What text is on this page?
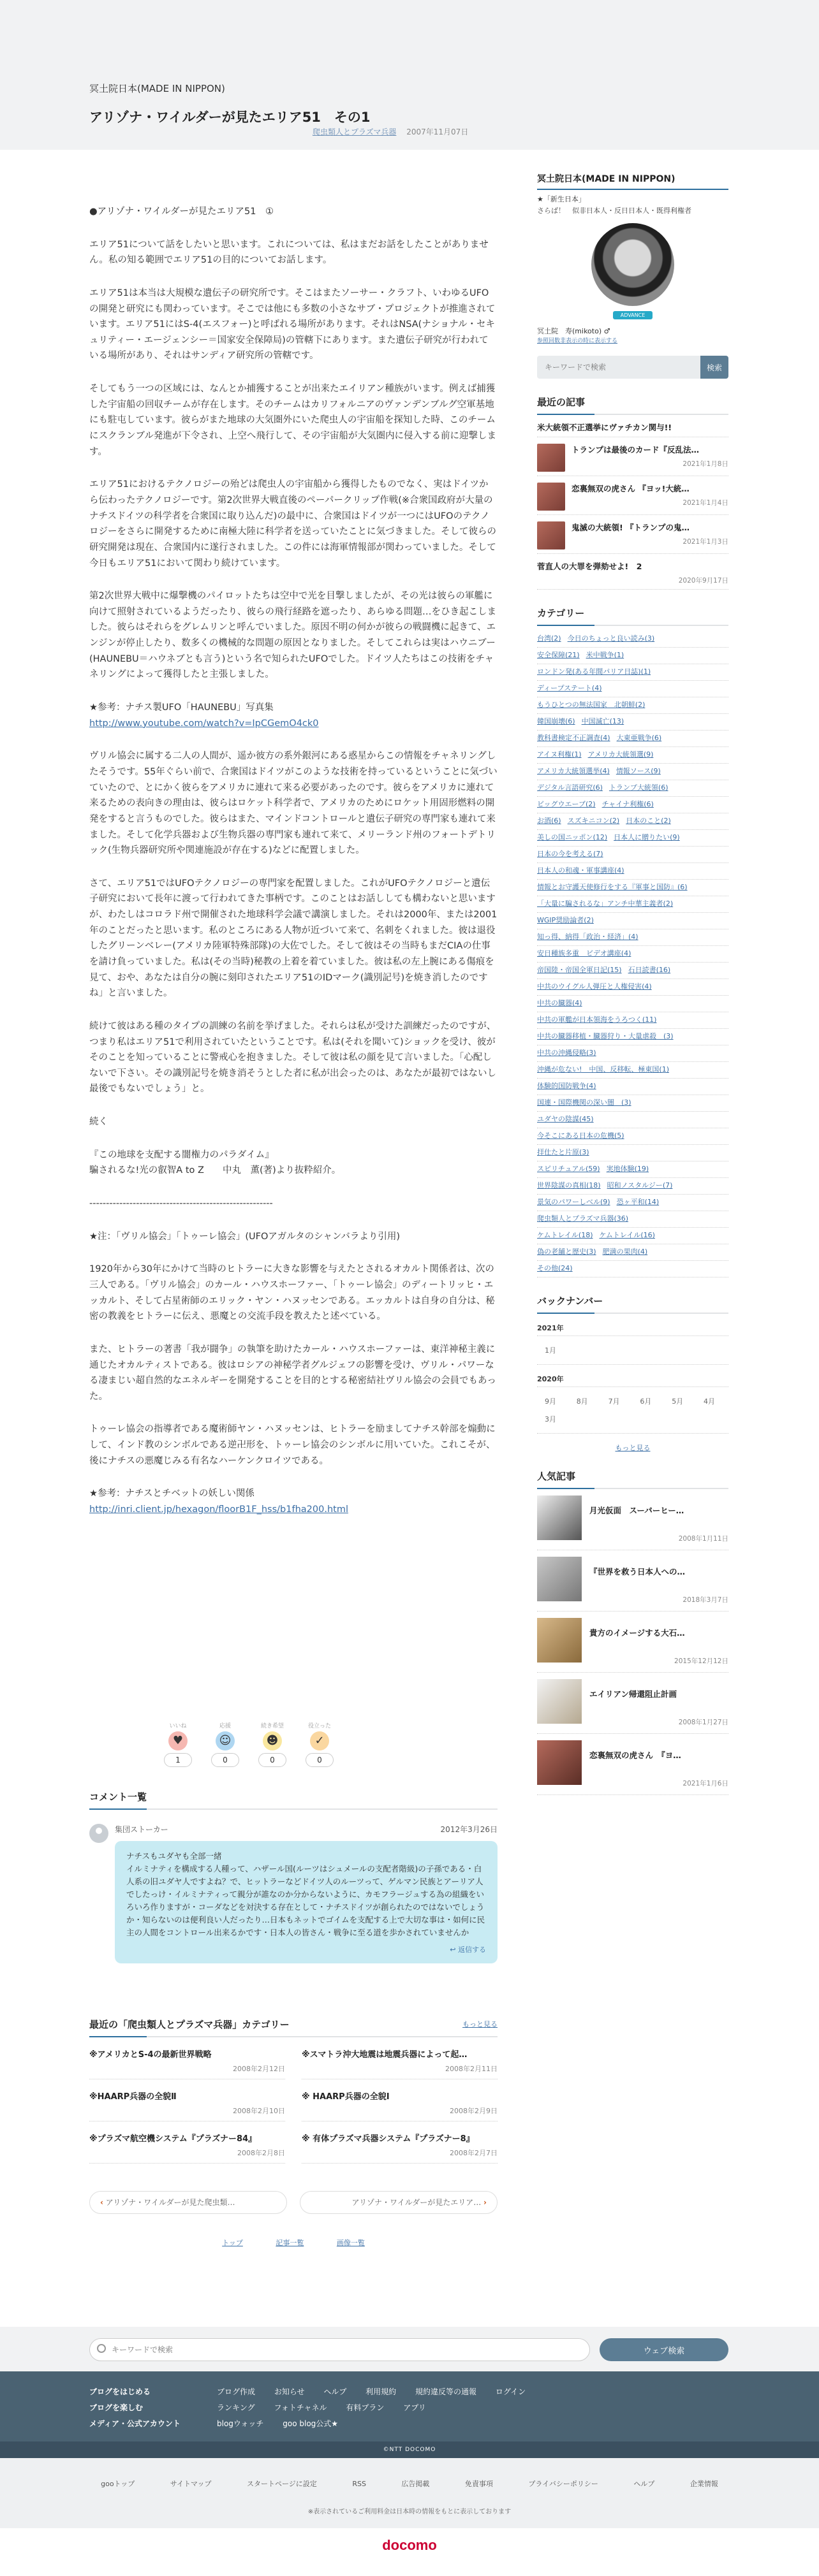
冥土院日本(MADE IN NIPPON)
アリゾナ・ワイルダーが見たエリア51　その1
爬虫類人とプラズマ兵器 2007年11月07日

●アリゾナ・ワイルダーが見たエリア51　①

エリア51について話をしたいと思います。これについては、私はまだお話をしたことがありません。私の知る範囲でエリア51の目的についてお話します。

エリア51は本当は大規模な遺伝子の研究所です。そこはまたソーサー・クラフト、いわゆるUFOの開発と研究にも関わっています。そこでは他にも多数の小さなサブ・プロジェクトが推進されています。エリア51にはS-4(エスフォー)と呼ばれる場所があります。それはNSA(ナショナル・セキュリティー・エージェンシー＝国家安全保障局)の管轄下にあります。また遺伝子研究が行われている場所があり、それはサンディア研究所の管轄です。

そしてもう一つの区域には、なんとか捕獲することが出来たエイリアン種族がいます。例えば捕獲した宇宙船の回収チームが存在します。そのチームはカリフォルニアのヴァンデンブルグ空軍基地にも駐屯しています。彼らがまた地球の大気圏外にいた爬虫人の宇宙船を探知した時、このチームにスクランブル発進が下令され、上空へ飛行して、その宇宙船が大気圏内に侵入する前に迎撃します。

エリア51におけるテクノロジーの殆どは爬虫人の宇宙船から獲得したものでなく、実はドイツから伝わったテクノロジーです。第2次世界大戦直後のペーパークリップ作戦(※合衆国政府が大量のナチスドイツの科学者を合衆国に取り込んだ)の最中に、合衆国はドイツが一つにはUFOのテクノロジーをさらに開発するために南極大陸に科学者を送っていたことに気づきました。そして彼らの研究開発は現在、合衆国内に遂行されました。この件には海軍情報部が関わっていました。そして今日もエリア51において関わり続けています。

第2次世界大戦中に爆撃機のパイロットたちは空中で光を目撃しましたが、その光は彼らの軍艦に向けて照射されているようだったり、彼らの飛行経路を遮ったり、あらゆる問題…をひき起こしました。彼らはそれらをグレムリンと呼んでいました。原因不明の何かが彼らの戦闘機に起きて、エンジンが停止したり、数多くの機械的な問題の原因となりました。そしてこれらは実はハウニブー(HAUNEBU＝ハウネブとも言う)という名で知られたUFOでした。ドイツ人たちはこの技術をチャネリングによって獲得したと主張しました。

★参考：ナチス製UFO「HAUNEBU」写真集

http://www.youtube.com/watch?v=IpCGemO4ck0

ヴリル協会に属する二人の人間が、遥か彼方の系外銀河にある惑星からこの情報をチャネリングしたそうです。55年ぐらい前で、合衆国はドイツがこのような技術を持っているということに気づいていたので、とにかく彼らをアメリカに連れて来る必要があったのです。彼らをアメリカに連れて来るための表向きの理由は、彼らはロケット科学者で、アメリカのためにロケット用固形燃料の開発をすると言うものでした。彼らはまた、マインドコントロールと遺伝子研究の専門家も連れて来ました。そして化学兵器および生物兵器の専門家も連れて来て、メリーランド州のフォートデトリック(生物兵器研究所や関連施設が存在する)などに配置しました。

さて、エリア51ではUFOテクノロジーの専門家を配置しました。これがUFOテクノロジーと遺伝子研究において長年に渡って行われてきた事柄です。このことはお話ししても構わないと思いますが、わたしはコロラド州で開催された地球科学会議で講演しました。それは2000年、または2001年のことだったと思います。私のところにある人物が近づいて来て、名刺をくれました。彼は退役したグリーンベレー(アメリカ陸軍特殊部隊)の大佐でした。そして彼はその当時もまだCIAの仕事を請け負っていました。私は(その当時)秘教の上着を着ていました。彼は私の左上腕にある傷痕を見て、おや、あなたは自分の腕に刻印されたエリア51のIDマーク(識別記号)を焼き消したのですね」と言いました。

続けて彼はある種のタイプの訓練の名前を挙げました。それらは私が受けた訓練だったのですが、つまり私はエリア51で利用されていたということです。私は(それを聞いて)ショックを受け、彼がそのことを知っていることに警戒心を抱きました。そして彼は私の顔を見て言いました。「心配しないで下さい。その識別記号を焼き消そうとした者に私が出会ったのは、あなたが最初ではないし最後でもないでしょう」と。

続く

『この地球を支配する闇権力のパラダイム』
騙されるな!光の叡智A to Z　　中丸　薫(著)より抜粋紹介。

-------------------------------------------------------

★注：「ヴリル協会」「トゥーレ協会」(UFOアガルタのシャンバラより引用)

1920年から30年にかけて当時のヒトラーに大きな影響を与えたとされるオカルト関係者は、次の三人である。「ヴリル協会」のカール・ハウスホーファー、「トゥーレ協会」のディートリッヒ・エッカルト、そして占星術師のエリック・ヤン・ハヌッセンである。エッカルトは自身の自分は、秘密の教義をヒトラーに伝え、悪魔との交流手段を教えたと述べている。

また、ヒトラーの著書「我が闘争」の執筆を助けたカール・ハウスホーファーは、東洋神秘主義に通じたオカルティストである。彼はロシアの神秘学者グルジェフの影響を受け、ヴリル・パワーなる凄まじい超自然的なエネルギーを開発することを目的とする秘密結社ヴリル協会の会員でもあった。

トゥーレ協会の指導者である魔術師ヤン・ハヌッセンは、ヒトラーを励ましてナチス幹部を煽動にして、インド教のシンボルである逆卍形を、トゥーレ協会のシンボルに用いていた。これこそが、後にナチスの悪魔じみる有名なハーケンクロイツである。

★参考：ナチスとチベットの妖しい関係

http://inri.client.jp/hexagon/floorB1F_hss/b1fha200.html

いいね
♥
1
応援
☺
0
続き希望
☻
0
役立った
✓
0
コメント一覧
集団ストーカー	2012年3月26日
ナチスもユダヤも全部一緒
イルミナティを構成する人種って、ハザール国(ルーツはシュメールの支配者階級)の子孫である・白人系の旧ユダヤ人ですよね？で、ヒットラーなどドイツ人のルーツって、ゲルマン民族とアーリア人でしたっけ・イルミナティって親分が誰なのか分からないように、カモフラージュする為の組織をいろいろ作りますが・コーダなどを対決する存在として・ナチスドイツが創られたのではないでしょうか・知らないのは便利良い人だったり…日本もネットでゴイムを支配する上で大切な事は・如何に民主の人間をコントロール出来るかです・日本人の皆さん・戦争に至る道を歩かされていませんか
↩ 返信する
最近の「爬虫類人とプラズマ兵器」カテゴリー	もっと見る
※アメリカとS-4の最新世界戦略
2008年2月12日
※スマトラ沖大地震は地震兵器によって起…
2008年2月11日
※HAARP兵器の全貌Ⅱ
2008年2月10日
※ HAARP兵器の全貌Ⅰ
2008年2月9日
※プラズマ航空機システム『プラズナー84』
2008年2月8日
※ 有体プラズマ兵器システム『プラズナー8』
2008年2月7日
‹ アリゾナ・ワイルダーが見た爬虫類…	アリゾナ・ワイルダーが見たエリア… ›
トップ	記事一覧	画像一覧
冥土院日本(MADE IN NIPPON)
★「新生日本」
さらば！　似非日本人・反日日本人・既得利権者
ADVANCE
冥土院　寿(mikoto) ♂
参照回数非表示の時に表示する
キーワードで検索
検索
最近の記事
米大統領不正選挙にヴァチカン関与!!
トランプは最後のカード『反乱法…
2021年1月8日
恋裏無双の虎さん 『ヨッ!大統…
2021年1月4日
鬼滅の大統領! 『トランプの鬼…
2021年1月3日
菅直人の大罪を弾劾せよ!　2
2020年9月17日
カテゴリー
台湾(2) 今日のちょっと良い読み(3)
安全保障(21) 米中戦争(1)
ロンドン発(ある年間パリア日誌)(1)
ディープステート(4)
もうひとつの無法国家　北朝鮮(2)
韓国崩壊(6) 中国滅亡(13)
教科書検定不正調査(4) 大東亜戦争(6)
アイヌ利権(1) アメリカ大統領選(9)
アメリカ大統領選挙(4) 情報ソース(9)
デジタル言語研究(6) トランプ大統領(6)
ビッグウエーブ(2) チャイナ利権(6)
お酒(6) スズキニコン(2) 日本のこと(2)
美しの国ニッポン(12) 日本人に贈りたい(9)
日本の今を考える(7)
日本人の和魂・軍事講座(4)
情報とお守護天使修行をする『軍事と国防』(6)
「大量に騙されるな」アンチ中華主義者(2)
WGIP奨励論者(2)
知っ得、納得「政治・経済」(4)
安日種族多重　ビデオ講座(4)
帝国陸・帝国全軍日記(15) 石日読書(16)
中共のウイグル人弾圧と人権侵害(4)
中共の臓器(4)
中共の軍艦が日本領海をうろつく(11)
中共の臓器移植・臓器狩り・大量虐殺　(3)
中共の沖縄侵略(3)
沖縄が危ない!　中国、反移転、極東国(1)
体験的国防戦争(4)
国連・国際機関の深い闇　(3)
ユダヤの陰謀(45)
今そこにある日本の危機(5)
拝仕たと片原(3)
スピリチュアル(59) 実地体験(19)
世界陰謀の真相(18) 昭和ノスタルジー(7)
景気のパワーしべル(9) 恐ヶ平和(14)
爬虫類人とプラズマ兵器(36)
ケムトレイル(18) ケムトレイル(16)
偽の老舗と歴史(3) 肥満の果肉(4)
その他(24)
バックナンバー
2021年
1月
2020年
9月	8月	7月	6月	5月	4月
3月
もっと見る
人気記事
月光仮面　スーパーヒー…
2008年1月11日
『世界を救う日本人への…
2018年3月7日
貴方のイメージする大石…
2015年12月12日
エイリアン帰還阻止計画
2008年1月27日
恋裏無双の虎さん　『ヨ…
2021年1月6日
キーワードで検索
ウェブ検索
ブログをはじめる
ブログを楽しむ
メディア・公式アカウント
ブログ作成 お知らせ ヘルプ 利用規約 規約違反等の通報 ログイン
ランキング フォトチャネル 有料プラン アプリ
blogウォッチ goo blog公式★
©NTT DOCOMO
gooトップ	サイトマップ	スタートページに設定	RSS	広告掲載	免責事項	プライバシーポリシー	ヘルプ	企業情報
※表示されているご利用料金は日本時の情報をもとに表示しております
docomo
